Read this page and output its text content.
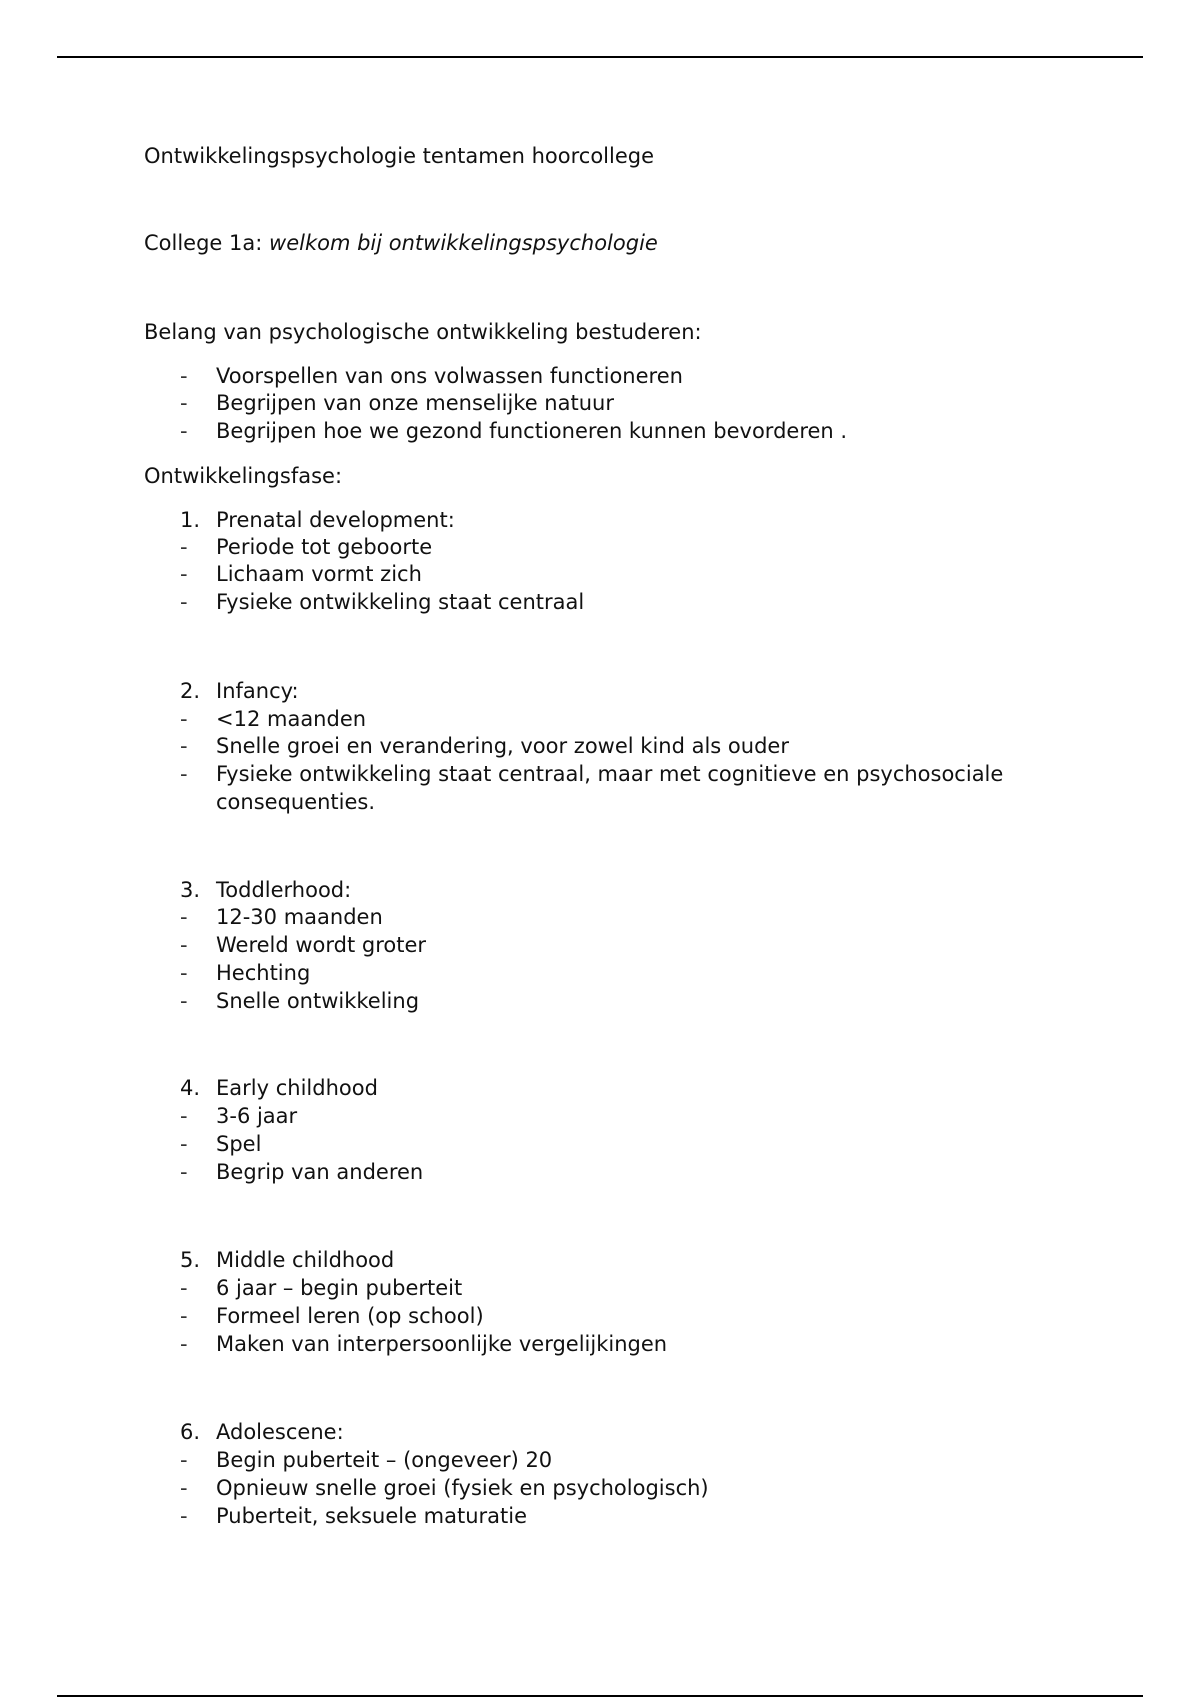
Ontwikkelingspsychologie tentamen hoorcollege
College 1a: welkom bij ontwikkelingspsychologie
Belang van psychologische ontwikkeling bestuderen:
-	Voorspellen van ons volwassen functioneren
-	Begrijpen van onze menselijke natuur
-	Begrijpen hoe we gezond functioneren kunnen bevorderen .
Ontwikkelingsfase:
1. Prenatal development:
-	Periode tot geboorte
-	Lichaam vormt zich
-	Fysieke ontwikkeling staat centraal
2. Infancy:
-	<12 maanden
-	Snelle groei en verandering, voor zowel kind als ouder
-	Fysieke ontwikkeling staat centraal, maar met cognitieve en psychosociale consequenties.
3. Toddlerhood:
-	12-30 maanden
-	Wereld wordt groter
-	Hechting
-	Snelle ontwikkeling
4. Early childhood
-	3-6 jaar
-	Spel
-	Begrip van anderen
5. Middle childhood
-	6 jaar – begin puberteit
-	Formeel leren (op school)
-	Maken van interpersoonlijke vergelijkingen
6. Adolescene:
-	Begin puberteit – (ongeveer) 20
-	Opnieuw snelle groei (fysiek en psychologisch)
-	Puberteit, seksuele maturatie
